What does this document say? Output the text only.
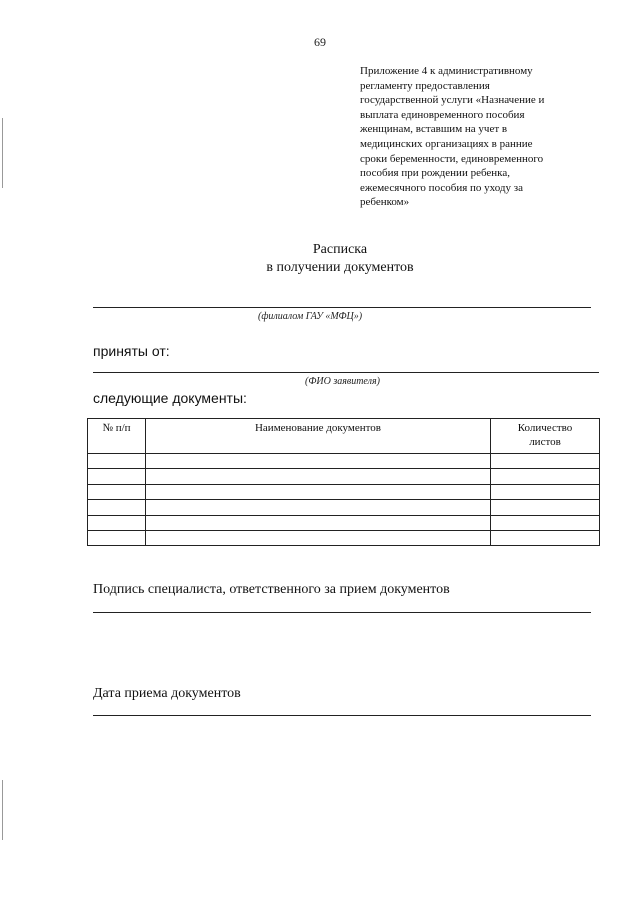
69
Приложение 4 к административному
регламенту предоставления
государственной услуги «Назначение и
выплата единовременного пособия
женщинам, вставшим на учет в
медицинских организациях в ранние
сроки беременности, единовременного
пособия при рождении ребенка,
ежемесячного пособия по уходу за
ребенком»
Расписка
в получении документов
(филиалом ГАУ «МФЦ»)
приняты от:
(ФИО заявителя)
следующие документы:
№ п/п	Наименование документов	Количество листов

Подпись специалиста, ответственного за прием документов
Дата приема документов
